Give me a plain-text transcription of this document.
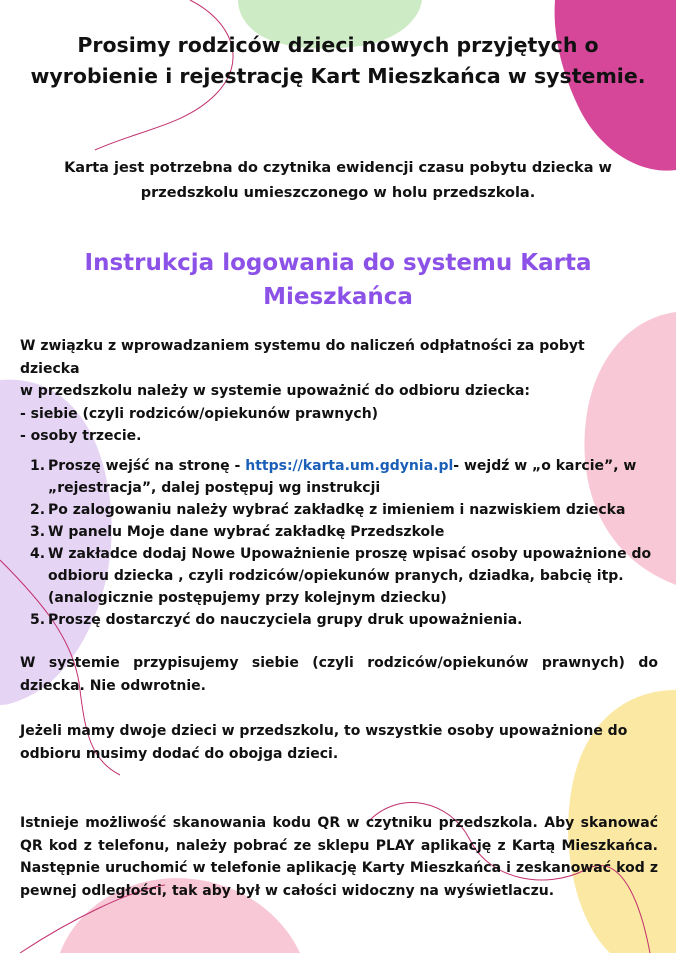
Prosimy rodziców dzieci nowych przyjętych o wyrobienie i rejestrację Kart Mieszkańca w systemie.

Karta jest potrzebna do czytnika ewidencji czasu pobytu dziecka w przedszkolu umieszczonego w holu przedszkola.

Instrukcja logowania do systemu Karta Mieszkańca

W związku z wprowadzaniem systemu do naliczeń odpłatności za pobyt dziecka
w przedszkolu należy w systemie upoważnić do odbioru dziecka:
- siebie (czyli rodziców/opiekunów prawnych)
- osoby trzecie.

1. Proszę wejść na stronę - https://karta.um.gdynia.pl- wejdź w „o karcie”, w „rejestracja”, dalej postępuj wg instrukcji
2. Po zalogowaniu należy wybrać zakładkę z imieniem i nazwiskiem dziecka
3. W panelu Moje dane wybrać zakładkę Przedszkole
4. W zakładce dodaj Nowe Upoważnienie proszę wpisać osoby upoważnione do odbioru dziecka , czyli rodziców/opiekunów pranych, dziadka, babcię itp. (analogicznie postępujemy przy kolejnym dziecku)
5. Proszę dostarczyć do nauczyciela grupy druk upoważnienia.

W systemie przypisujemy siebie (czyli rodziców/opiekunów prawnych) do dziecka. Nie odwrotnie.

Jeżeli mamy dwoje dzieci w przedszkolu, to wszystkie osoby upoważnione do odbioru musimy dodać do obojga dzieci.

Istnieje możliwość skanowania kodu QR w czytniku przedszkola. Aby skanować QR kod z telefonu, należy pobrać ze sklepu PLAY aplikację z Kartą Mieszkańca. Następnie uruchomić w telefonie aplikację Karty Mieszkańca i zeskanować kod z pewnej odległości, tak aby był w całości widoczny na wyświetlaczu.
